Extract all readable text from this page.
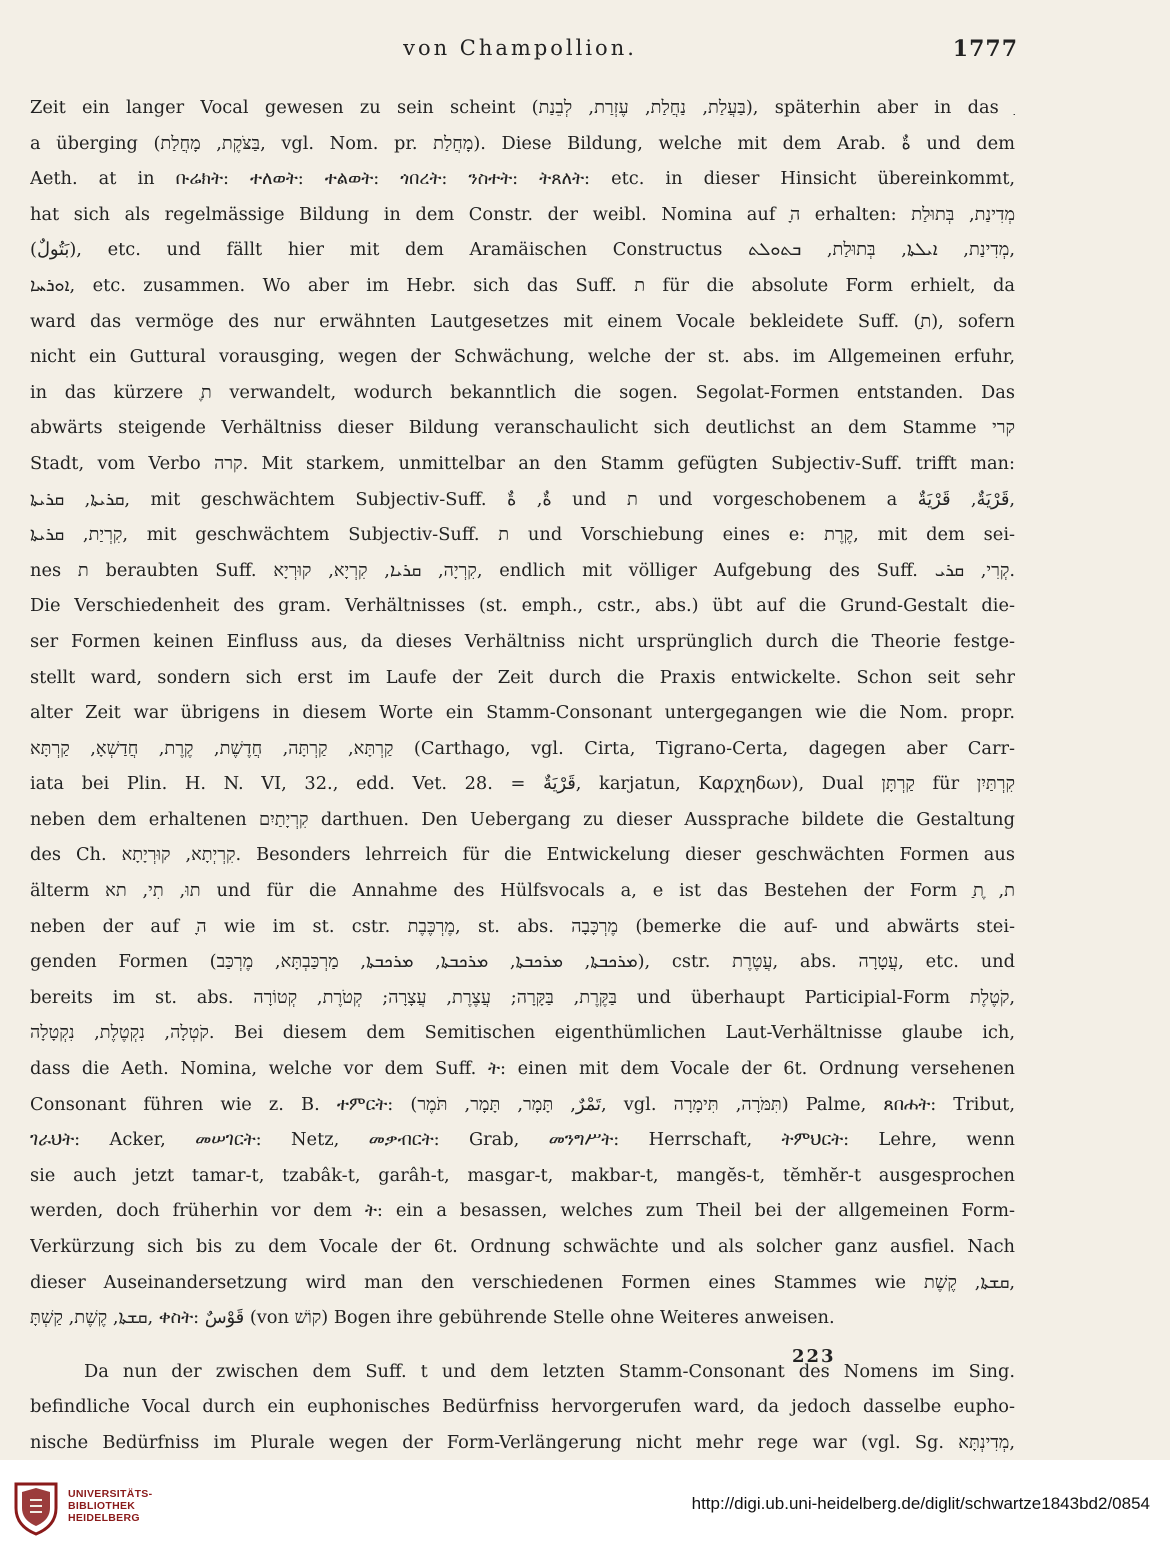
von Champollion.	1777
Zeit ein langer Vocal gewesen zu sein scheint (בַּעֲלַת, נַחֲלַת, עֶזְרַת, לְבֵנַת), späterhin aber in das ַ
a überging (בַּצֹּקֶת, מָחֲלַת, vgl. Nom. pr. מָחֲלַת). Diese Bildung, welche mit dem Arab. ةٌ und dem
Aeth. at in ቡሬክት: ተለወት: ተልወት: ጎበረት: ንስተት: ትጸለት: etc. in dieser Hinsicht übereinkommt,
hat sich als regelmässige Bildung in dem Constr. der weibl. Nomina auf ָה erhalten: מְדִינַת, בְּתוּלַת
(بَتُولٌ), etc. und fällt hier mit dem Aramäischen Constructus מְדִינַת, ܐܝܠܬܐ, בְּתוּלַת, ܒܬܘܠܬ,
ܐܘܪܚܐ, etc. zusammen. Wo aber im Hebr. sich das Suff. ת für die absolute Form erhielt, da
ward das vermöge des nur erwähnten Lautgesetzes mit einem Vocale bekleidete Suff. (ַת), sofern
nicht ein Guttural vorausging, wegen der Schwächung, welche der st. abs. im Allgemeinen erfuhr,
in das kürzere ֶת verwandelt, wodurch bekanntlich die sogen. Segolat-Formen entstanden. Das
abwärts steigende Verhältniss dieser Bildung veranschaulicht sich deutlichst an dem Stamme קרי
Stadt, vom Verbo קרה. Mit starkem, unmittelbar an den Stamm gefügten Subjectiv-Suff. trifft man:
ܩܪܝܬܐ, ܩܪܝܬܐ, mit geschwächtem Subjectiv-Suff. ةٌ, ةٌ und ת und vorgeschobenem a قَرْيَةٌ, قَرْيَةٌ,
קִרְיַת, ܩܪܝܬܐ, mit geschwächtem Subjectiv-Suff. ת und Vorschiebung eines e: קֶרֶת, mit dem sei-
nes ת beraubten Suff. קִרְיָה, ܩܪܝܐ, קִרְיָא, קוּרְיָא, endlich mit völliger Aufgebung des Suff. קְרִי, ܩܪܝ.
Die Verschiedenheit des gram. Verhältnisses (st. emph., cstr., abs.) übt auf die Grund-Gestalt die-
ser Formen keinen Einfluss aus, da dieses Verhältniss nicht ursprünglich durch die Theorie festge-
stellt ward, sondern sich erst im Laufe der Zeit durch die Praxis entwickelte. Schon seit sehr
alter Zeit war übrigens in diesem Worte ein Stamm-Consonant untergegangen wie die Nom. propr.
קַרְתָּא, קַרְתָּה, חֲדֶשֶׁת, קֶרֶת, חֲדַשְׁאָ, קַרְתָּא (Carthago, vgl. Cirta, Tigrano-Certa, dagegen aber Carr-
iata bei Plin. H. N. VI, 32., edd. Vet. 28. = قَرْيَةٌ, karjatun, Καρχηδων), Dual קַרְתָּן für קִרְתַּיִן
neben dem erhaltenen קִרְיָתַיִם darthuen. Den Uebergang zu dieser Aussprache bildete die Gestaltung
des Ch. קִרְיְתָא, קוּרְיָתָא. Besonders lehrreich für die Entwickelung dieser geschwächten Formen aus
älterm תוּ, תִי, תא und für die Annahme des Hülfsvocals a, e ist das Bestehen der Form ַת, ֶת
neben der auf ָה wie im st. cstr. מֶרְכֶּבֶת, st. abs. מֶרְכָּבָה (bemerke die auf- und abwärts stei-
genden Formen (ܡܪܟܒܬܐ, ܡܪܟܒܬܐ, ܡܪܟܒܬܐ, ܡܪܟܒܬܐ, מַרְכַּבְתָּא, מֶרְכַּב), cstr. עֲטֶרֶת, abs. עֲטָרָה, etc. und
bereits im st. abs. בַּקֶּרֶת, בַּקָּרָה; עֲצֶרֶת, עֲצָרָה; קְטֹרֶת, קְטוֹרָה und überhaupt Participial-Form קֹטֶלֶת,
קֹטְלָה, נִקְטֶלֶת, נִקְטָלָה. Bei diesem dem Semitischen eigenthümlichen Laut-Verhältnisse glaube ich,
dass die Aeth. Nomina, welche vor dem Suff. ት: einen mit dem Vocale der 6t. Ordnung versehenen
Consonant führen wie z. B. ተምርት: (تَمْرٌ, תָּמָר, תָּמָר, תֹּמֶר, vgl. תִּמֹּרָה, תִּימָרָה) Palme, ጸበሐት: Tribut,
ገራህት: Acker, መሠገርት: Netz, መቃብርት: Grab, መንግሥት: Herrschaft, ትምህርት: Lehre, wenn
sie auch jetzt tamar-t, tzabâk-t, garâh-t, masgar-t, makbar-t, mangĕs-t, tĕmhĕr-t ausgesprochen
werden, doch früherhin vor dem ት: ein a besassen, welches zum Theil bei der allgemeinen Form-
Verkürzung sich bis zu dem Vocale der 6t. Ordnung schwächte und als solcher ganz ausfiel. Nach
dieser Auseinandersetzung wird man den verschiedenen Formen eines Stammes wie ܩܫܬܐ, קֶשֶׁת,
ܩܫܬܐ, קֶשֶׁת, קַשְׁתָּ, ቀስት: قَوْسٌ (von קוֹשׁ) Bogen ihre gebührende Stelle ohne Weiteres anweisen.
Da nun der zwischen dem Suff. t und dem letzten Stamm-Consonant des Nomens im Sing.
befindliche Vocal durch ein euphonisches Bedürfniss hervorgerufen ward, da jedoch dasselbe eupho-
nische Bedürfniss im Plurale wegen der Form-Verlängerung nicht mehr rege war (vgl. Sg. מְדִינְתָּא,
223
UNIVERSITÄTS-
BIBLIOTHEK
HEIDELBERG
http://digi.ub.uni-heidelberg.de/diglit/schwartze1843bd2/0854
